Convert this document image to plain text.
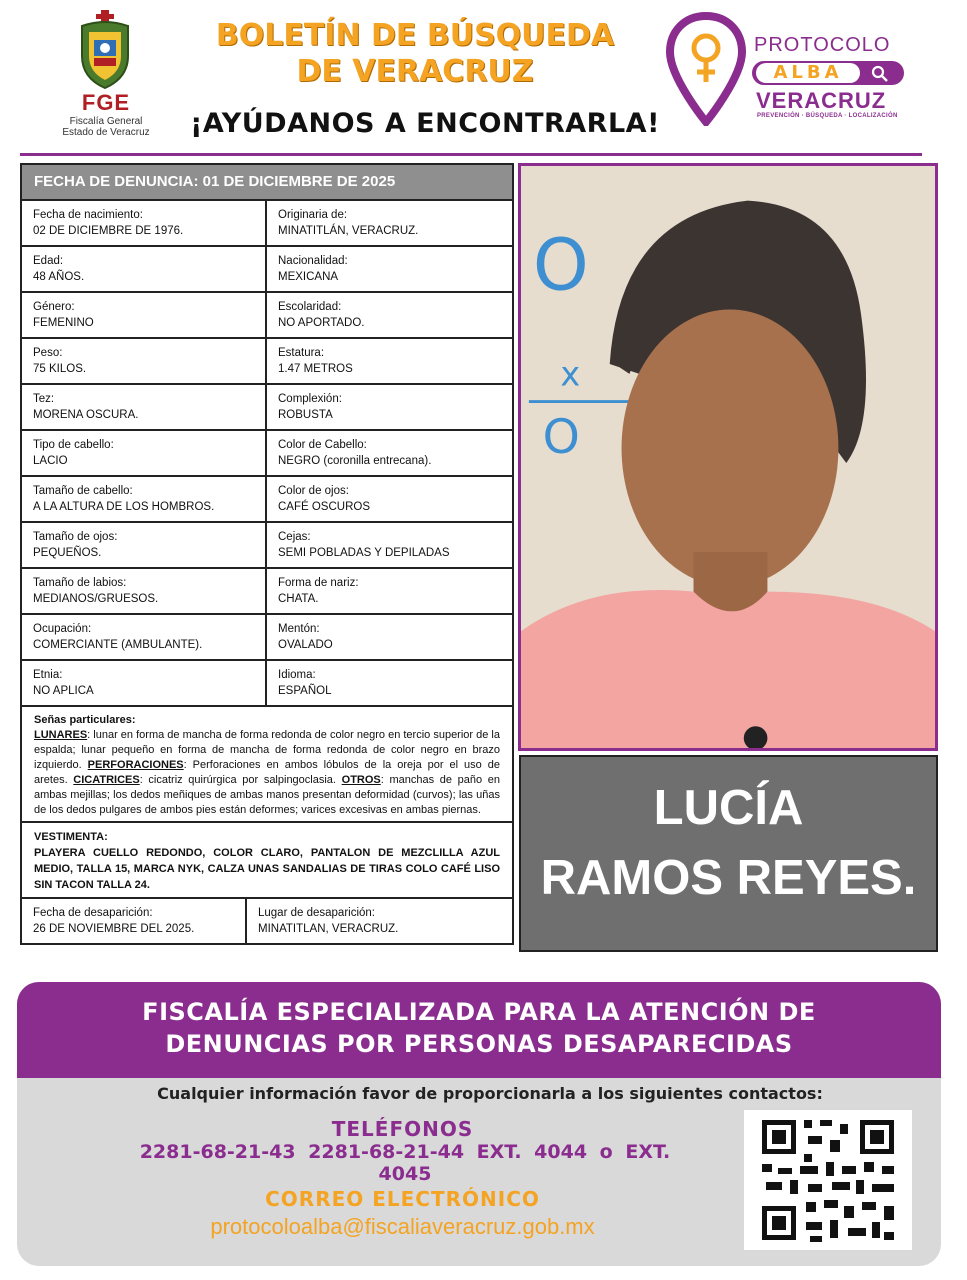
FGE
Fiscalía General
Estado de Veracruz
BOLETÍN DE BÚSQUEDA
DE VERACRUZ
¡AYÚDANOS A ENCONTRARLA!
PROTOCOLO
ALBA
VERACRUZ
PREVENCIÓN · BÚSQUEDA · LOCALIZACIÓN
FECHA DE DENUNCIA: 01 DE DICIEMBRE DE 2025
Fecha de nacimiento:
02 DE DICIEMBRE DE 1976.
Originaria de:
MINATITLÁN, VERACRUZ.
Edad:
48 AÑOS.
Nacionalidad:
MEXICANA
Género:
FEMENINO
Escolaridad:
NO APORTADO.
Peso:
75 KILOS.
Estatura:
1.47 METROS
Tez:
MORENA OSCURA.
Complexión:
ROBUSTA
Tipo de cabello:
LACIO
Color de Cabello:
NEGRO (coronilla entrecana).
Tamaño de cabello:
A LA ALTURA DE LOS HOMBROS.
Color de ojos:
CAFÉ OSCUROS
Tamaño de ojos:
PEQUEÑOS.
Cejas:
SEMI POBLADAS Y DEPILADAS
Tamaño de labios:
MEDIANOS/GRUESOS.
Forma de nariz:
CHATA.
Ocupación:
COMERCIANTE (AMBULANTE).
Mentón:
OVALADO
Etnia:
NO APLICA
Idioma:
ESPAÑOL
Señas particulares:
LUNARES: lunar en forma de mancha de forma redonda de color negro en tercio superior de la espalda; lunar pequeño en forma de mancha de forma redonda de color negro en brazo izquierdo. PERFORACIONES: Perforaciones en ambos lóbulos de la oreja por el uso de aretes. CICATRICES: cicatriz quirúrgica por salpingoclasia. OTROS: manchas de paño en ambas mejillas; los dedos meñiques de ambas manos presentan deformidad (curvos); las uñas de los dedos pulgares de ambos pies están deformes; varices excesivas en ambas piernas.
VESTIMENTA:
PLAYERA CUELLO REDONDO, COLOR CLARO, PANTALON DE MEZCLILLA AZUL MEDIO, TALLA 15, MARCA NYK, CALZA UNAS SANDALIAS DE TIRAS COLO CAFÉ LISO SIN TACON TALLA 24.
Fecha de desaparición:
26 DE NOVIEMBRE DEL 2025.
Lugar de desaparición:
MINATITLAN, VERACRUZ.
O
x
O
LUCÍA
RAMOS REYES.
FISCALÍA ESPECIALIZADA PARA LA ATENCIÓN DE
DENUNCIAS POR PERSONAS DESAPARECIDAS
Cualquier información favor de proporcionarla a los siguientes contactos:
TELÉFONOS
2281-68-21-43 2281-68-21-44 EXT. 4044 o EXT. 4045
CORREO ELECTRÓNICO
protocoloalba@fiscaliaveracruz.gob.mx
